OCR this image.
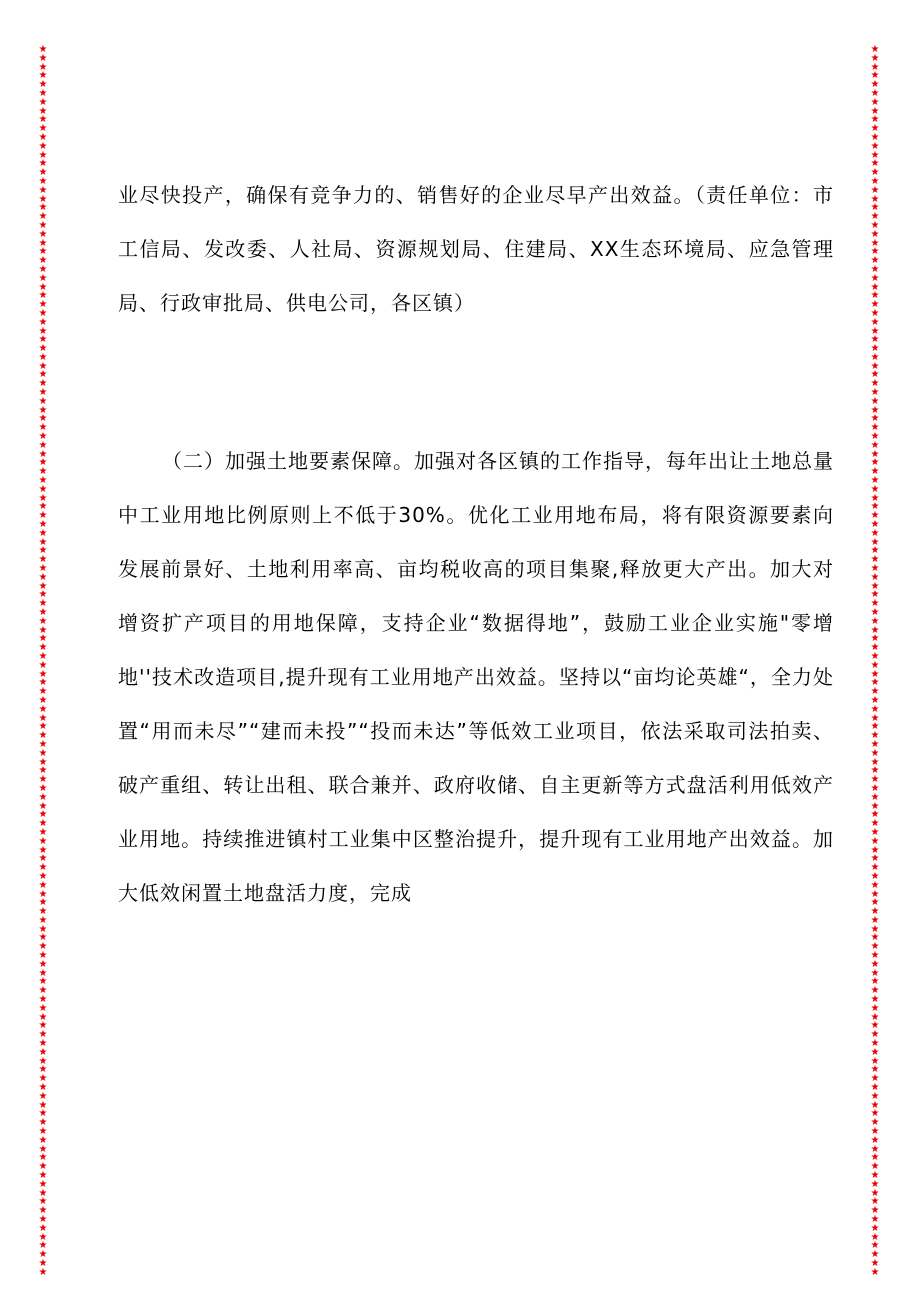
★★★★★★★★★★★★★★★★★★★★★★★★★★★★★★★★★★★★★★★★★★★★★★★★★★★★★★★★★★★★★★★★★★★★★★★★★★★★★★★★★★★★★★★★★★★★★★★★★★★★★★★★★★★★★★★★★★★★★★★★★★★★★★★★★★★★★★★★★★★★
★★★★★★★★★★★★★★★★★★★★★★★★★★★★★★★★★★★★★★★★★★★★★★★★★★★★★★★★★★★★★★★★★★★★★★★★★★★★★★★★★★★★★★★★★★★★★★★★★★★★★★★★★★★★★★★★★★★★★★★★★★★★★★★★★★★★★★★★★★★★

业尽快投产，确保有竞争力的、销售好的企业尽早产出效益。（责任单位：市工信局、发改委、人社局、资源规划局、住建局、XX生态环境局、应急管理局、行政审批局、供电公司，各区镇）

（二）加强土地要素保障。加强对各区镇的工作指导，每年出让土地总量中工业用地比例原则上不低于30%。优化工业用地布局，将有限资源要素向发展前景好、土地利用率高、亩均税收高的项目集聚,释放更大产出。加大对增资扩产项目的用地保障，支持企业“数据得地”，鼓励工业企业实施"零增地''技术改造项目,提升现有工业用地产出效益。坚持以“亩均论英雄“，全力处置“用而未尽”“建而未投”“投而未达”等低效工业项目，依法采取司法拍卖、破产重组、转让出租、联合兼并、政府收储、自主更新等方式盘活利用低效产业用地。持续推进镇村工业集中区整治提升，提升现有工业用地产出效益。加大低效闲置土地盘活力度，完成
